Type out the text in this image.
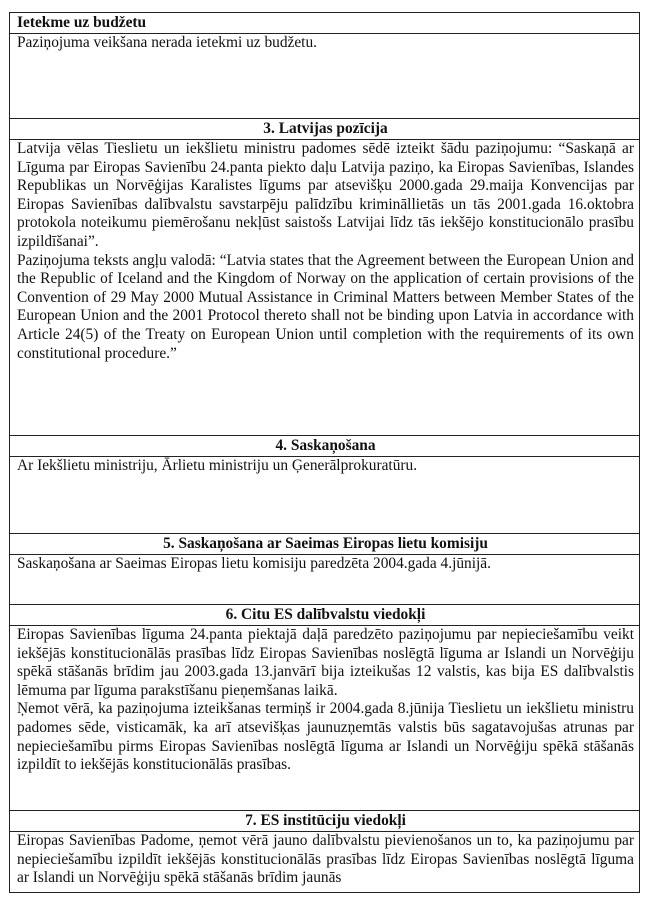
Ietekme uz budžetu

Paziņojuma veikšana nerada ietekmi uz budžetu.

3. Latvijas pozīcija

Latvija vēlas Tieslietu un iekšlietu ministru padomes sēdē izteikt šādu paziņojumu: “Saskaņā ar Līguma par Eiropas Savienību 24.panta piekto daļu Latvija paziņo, ka Eiropas Savienības, Islandes Republikas un Norvēģijas Karalistes līgums par atsevišķu 2000.gada 29.maija Konvencijas par Eiropas Savienības dalībvalstu savstarpēju palīdzību krimināllietās un tās 2001.gada 16.oktobra protokola noteikumu piemērošanu nekļūst saistošs Latvijai līdz tās iekšējo konstitucionālo prasību izpildīšanai”.

Paziņojuma teksts angļu valodā: “Latvia states that the Agreement between the European Union and the Republic of Iceland and the Kingdom of Norway on the application of certain provisions of the Convention of 29 May 2000 Mutual Assistance in Criminal Matters between Member States of the European Union and the 2001 Protocol thereto shall not be binding upon Latvia in accordance with Article 24(5) of the Treaty on European Union until completion with the requirements of its own constitutional procedure.”

4. Saskaņošana

Ar Iekšlietu ministriju, Ārlietu ministriju un Ģenerālprokuratūru.

5. Saskaņošana ar Saeimas Eiropas lietu komisiju

Saskaņošana ar Saeimas Eiropas lietu komisiju paredzēta 2004.gada 4.jūnijā.

6. Citu ES dalībvalstu viedokļi

Eiropas Savienības līguma 24.panta piektajā daļā paredzēto paziņojumu par nepieciešamību veikt iekšējās konstitucionālās prasības līdz Eiropas Savienības noslēgtā līguma ar Islandi un Norvēģiju spēkā stāšanās brīdim jau 2003.gada 13.janvārī bija izteikušas 12 valstis, kas bija ES dalībvalstis lēmuma par līguma parakstīšanu pieņemšanas laikā.

Ņemot vērā, ka paziņojuma izteikšanas termiņš ir 2004.gada 8.jūnija Tieslietu un iekšlietu ministru padomes sēde, visticamāk, ka arī atsevišķas jaunuzņemtās valstis būs sagatavojušas atrunas par nepieciešamību pirms Eiropas Savienības noslēgtā līguma ar Islandi un Norvēģiju spēkā stāšanās izpildīt to iekšējās konstitucionālās prasības.

7. ES institūciju viedokļi

Eiropas Savienības Padome, ņemot vērā jauno dalībvalstu pievienošanos un to, ka paziņojumu par nepieciešamību izpildīt iekšējās konstitucionālās prasības līdz Eiropas Savienības noslēgtā līguma ar Islandi un Norvēģiju spēkā stāšanās brīdim jaunās
